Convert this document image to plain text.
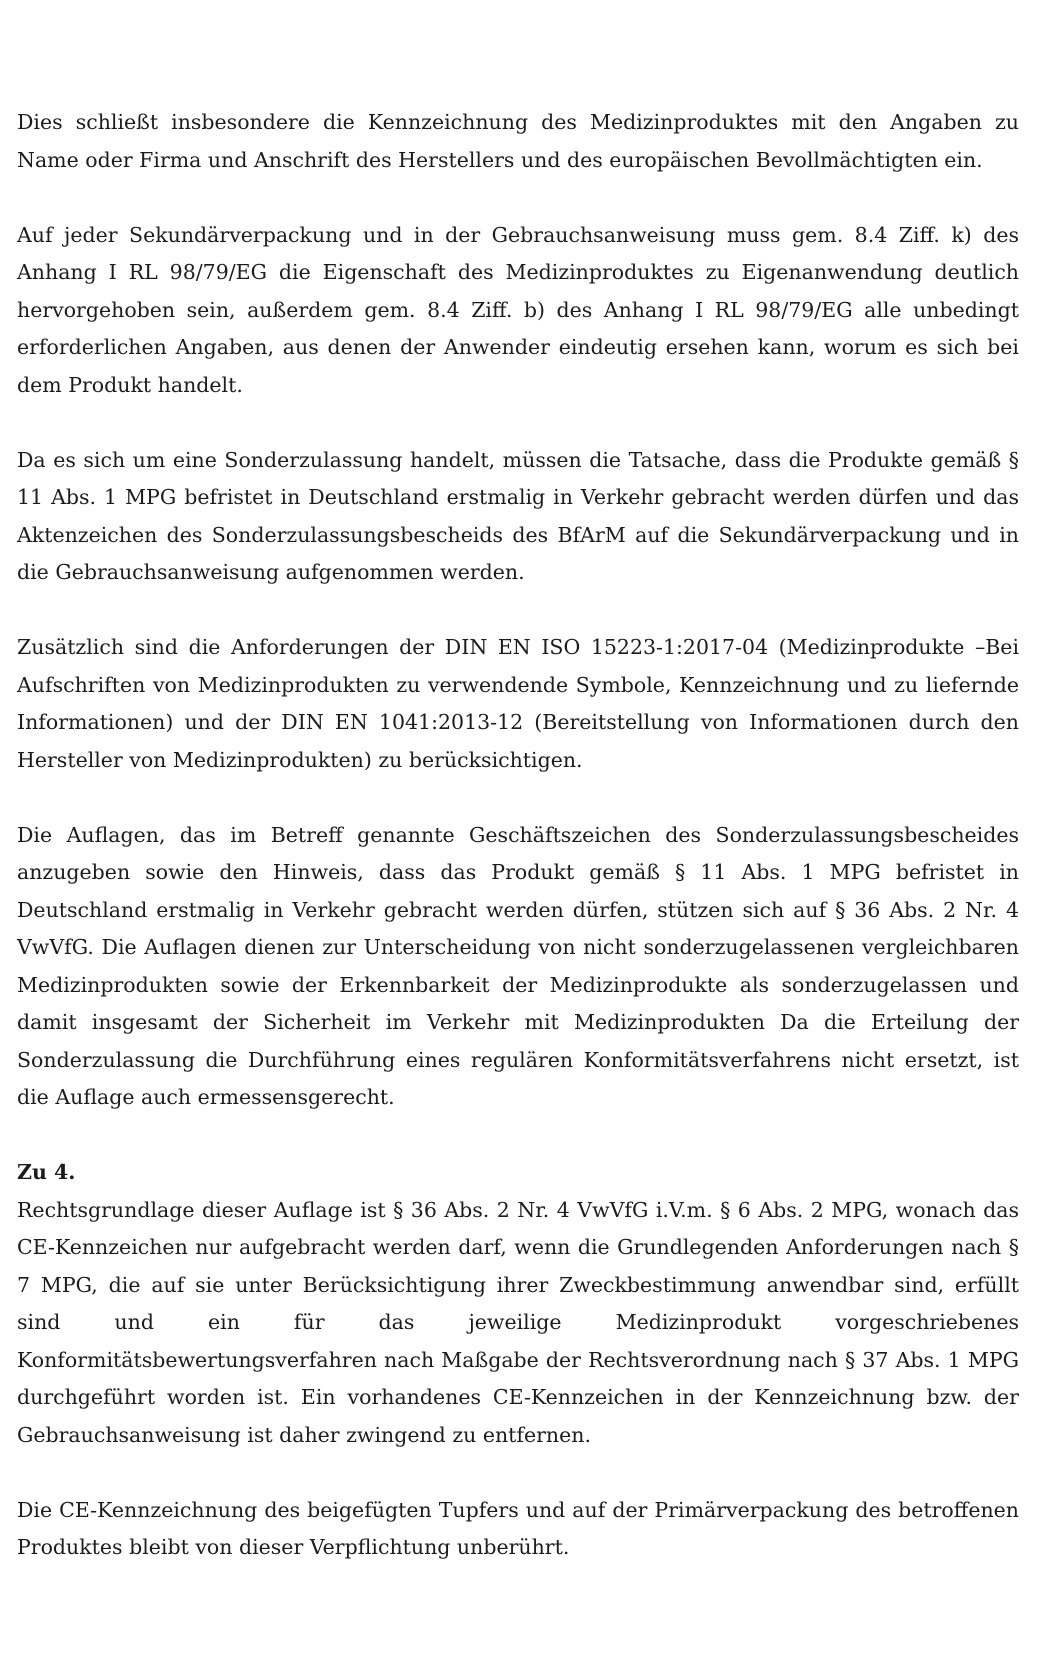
Dies schließt insbesondere die Kennzeichnung des Medizinproduktes mit den Angaben zu Name oder Firma und Anschrift des Herstellers und des europäischen Bevollmächtigten ein.

Auf jeder Sekundärverpackung und in der Gebrauchsanweisung muss gem. 8.4 Ziff. k) des Anhang I RL 98/79/EG die Eigenschaft des Medizinproduktes zu Eigenanwendung deutlich hervorgehoben sein, außerdem gem. 8.4 Ziff. b) des Anhang I RL 98/79/EG alle unbedingt erforderlichen Angaben, aus denen der Anwender eindeutig ersehen kann, worum es sich bei dem Produkt handelt.

Da es sich um eine Sonderzulassung handelt, müssen die Tatsache, dass die Produkte gemäß § 11 Abs. 1 MPG befristet in Deutschland erstmalig in Verkehr gebracht werden dürfen und das Aktenzeichen des Sonderzulassungsbescheids des BfArM auf die Sekundärverpackung und in die Gebrauchsanweisung aufgenommen werden.

Zusätzlich sind die Anforderungen der DIN EN ISO 15223-1:2017-04 (Medizinprodukte –Bei Aufschriften von Medizinprodukten zu verwendende Symbole, Kennzeichnung und zu liefernde Informationen) und der DIN EN 1041:2013-12 (Bereitstellung von Informationen durch den Hersteller von Medizinprodukten) zu berücksichtigen.

Die Auflagen, das im Betreff genannte Geschäftszeichen des Sonderzulassungsbescheides anzugeben sowie den Hinweis, dass das Produkt gemäß § 11 Abs. 1 MPG befristet in Deutschland erstmalig in Verkehr gebracht werden dürfen, stützen sich auf § 36 Abs. 2 Nr. 4 VwVfG. Die Auflagen dienen zur Unterscheidung von nicht sonderzugelassenen vergleichbaren Medizinprodukten sowie der Erkennbarkeit der Medizinprodukte als sonderzugelassen und damit insgesamt der Sicherheit im Verkehr mit Medizinprodukten Da die Erteilung der Sonderzulassung die Durchführung eines regulären Konformitätsverfahrens nicht ersetzt, ist die Auflage auch ermessensgerecht.

Zu 4.

Rechtsgrundlage dieser Auflage ist § 36 Abs. 2 Nr. 4 VwVfG i.V.m. § 6 Abs. 2 MPG, wonach das CE-Kennzeichen nur aufgebracht werden darf, wenn die Grundlegenden Anforderungen nach § 7 MPG, die auf sie unter Berücksichtigung ihrer Zweckbestimmung anwendbar sind, erfüllt sind und ein für das jeweilige Medizinprodukt vorgeschriebenes Konformitätsbewertungsverfahren nach Maßgabe der Rechtsverordnung nach § 37 Abs. 1 MPG durchgeführt worden ist. Ein vorhandenes CE-Kennzeichen in der Kennzeichnung bzw. der Gebrauchsanweisung ist daher zwingend zu entfernen.

Die CE-Kennzeichnung des beigefügten Tupfers und auf der Primärverpackung des betroffenen Produktes bleibt von dieser Verpflichtung unberührt.
